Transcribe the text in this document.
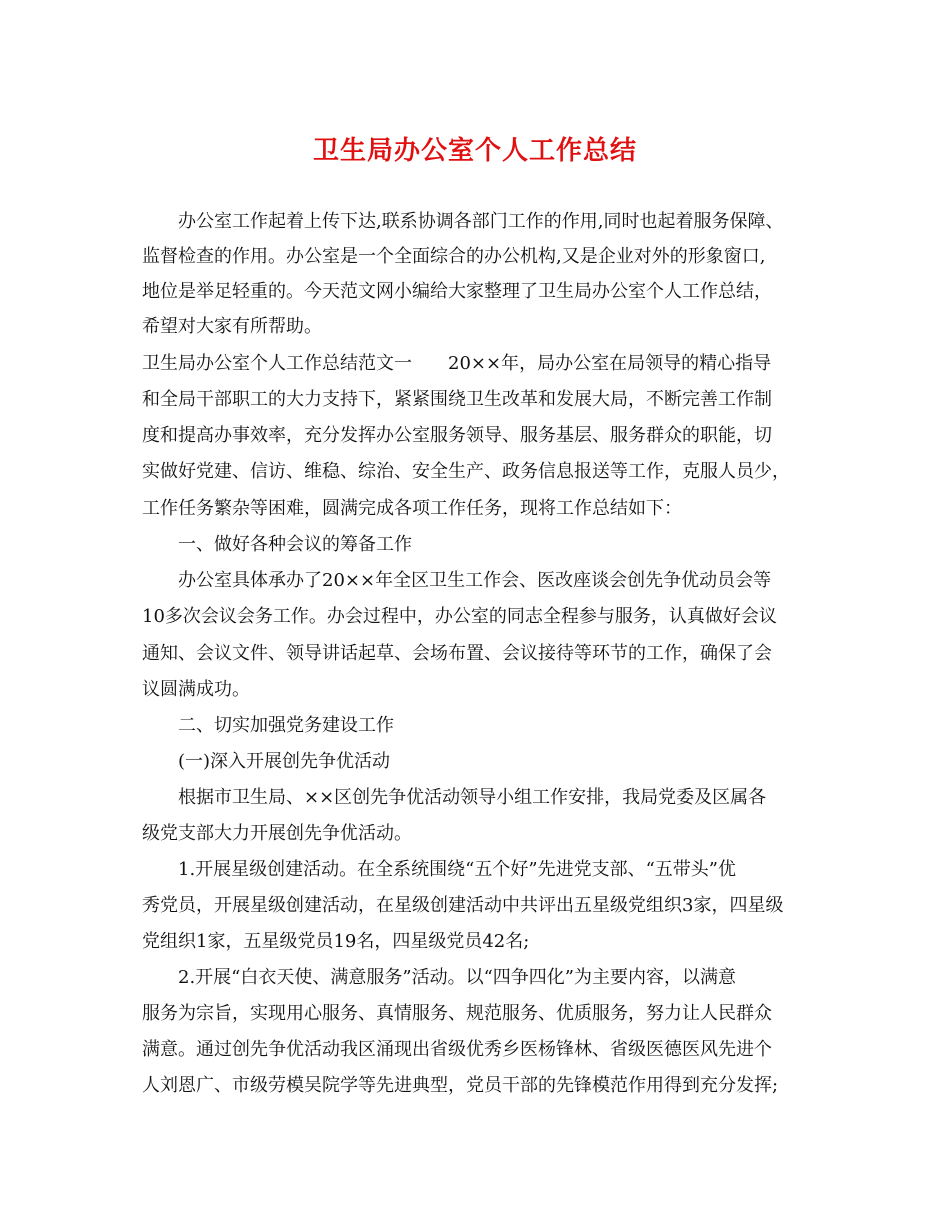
卫生局办公室个人工作总结
办公室工作起着上传下达,联系协调各部门工作的作用,同时也起着服务保障、
监督检查的作用。办公室是一个全面综合的办公机构,又是企业对外的形象窗口,
地位是举足轻重的。今天范文网小编给大家整理了卫生局办公室个人工作总结，
希望对大家有所帮助。
卫生局办公室个人工作总结范文一　　20××年，局办公室在局领导的精心指导
和全局干部职工的大力支持下，紧紧围绕卫生改革和发展大局，不断完善工作制
度和提高办事效率，充分发挥办公室服务领导、服务基层、服务群众的职能，切
实做好党建、信访、维稳、综治、安全生产、政务信息报送等工作，克服人员少，
工作任务繁杂等困难，圆满完成各项工作任务，现将工作总结如下：
一、做好各种会议的筹备工作
办公室具体承办了20××年全区卫生工作会、医改座谈会创先争优动员会等
10多次会议会务工作。办会过程中，办公室的同志全程参与服务，认真做好会议
通知、会议文件、领导讲话起草、会场布置、会议接待等环节的工作，确保了会
议圆满成功。
二、切实加强党务建设工作
(一)深入开展创先争优活动
根据市卫生局、××区创先争优活动领导小组工作安排，我局党委及区属各
级党支部大力开展创先争优活动。
1.开展星级创建活动。在全系统围绕“五个好”先进党支部、“五带头”优
秀党员，开展星级创建活动，在星级创建活动中共评出五星级党组织3家，四星级
党组织1家，五星级党员19名，四星级党员42名;
2.开展“白衣天使、满意服务”活动。以“四争四化”为主要内容，以满意
服务为宗旨，实现用心服务、真情服务、规范服务、优质服务，努力让人民群众
满意。通过创先争优活动我区涌现出省级优秀乡医杨锋林、省级医德医风先进个
人刘恩广、市级劳模吴院学等先进典型，党员干部的先锋模范作用得到充分发挥;
